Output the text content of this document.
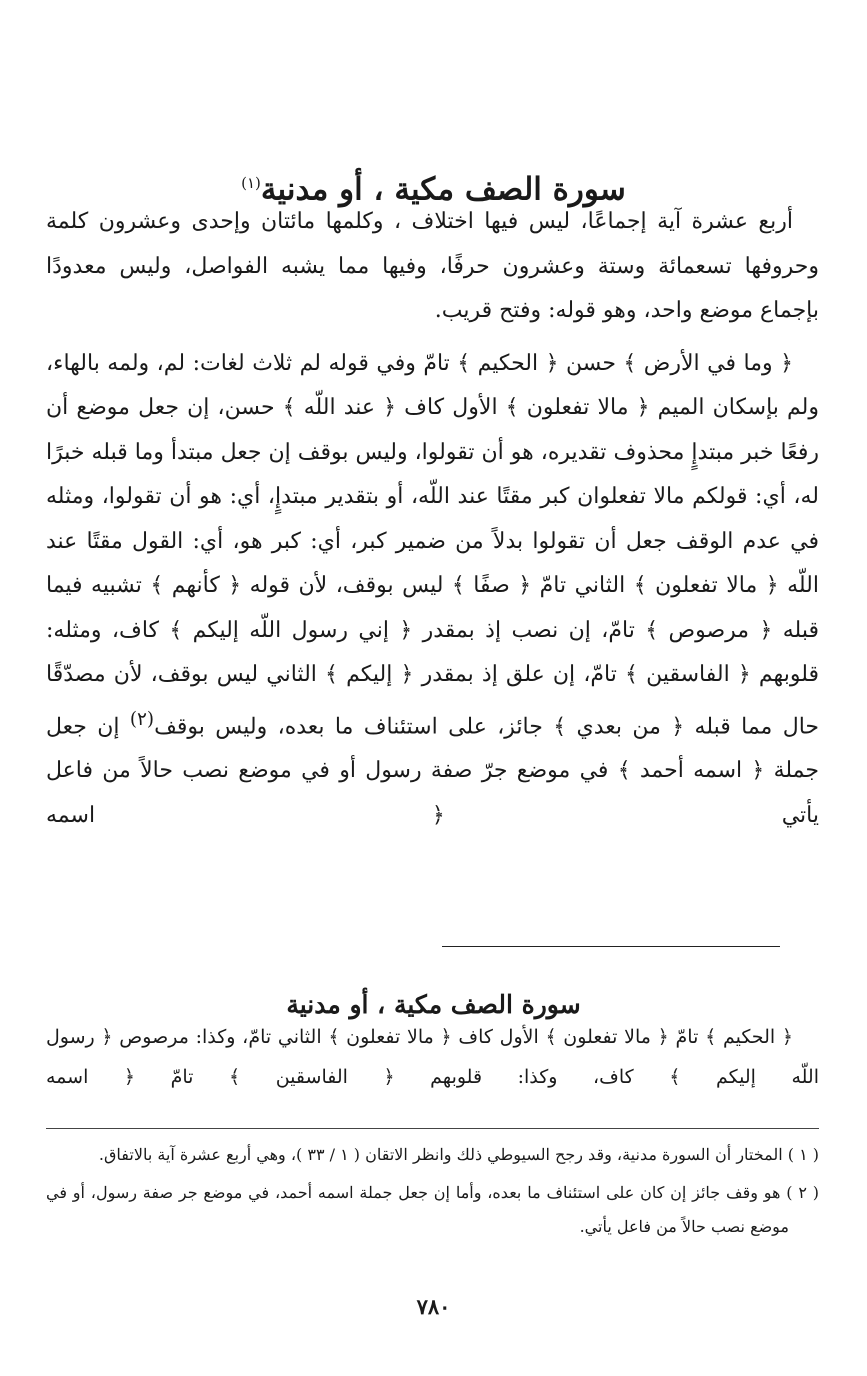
سورة الصف مكية ، أو مدنية$^{(١)}$

أربع عشرة آية إجماعًا، ليس فيها اختلاف ، وكلمها مائتان وإحدى وعشرون كلمة وحروفها تسعمائة وستة وعشرون حرفًا، وفيها مما يشبه الفواصل، وليس معدودًا بإجماع موضع واحد، وهو قوله: وفتح قريب.

﴿ وما في الأرض ﴾ حسن ﴿ الحكيم ﴾ تامّ وفي قوله لم ثلاث لغات: لم، ولمه بالهاء، ولم بإسكان الميم ﴿ مالا تفعلون ﴾ الأول كاف ﴿ عند اللّه ﴾ حسن، إن جعل موضع أن رفعًا خبر مبتدإٍ محذوف تقديره، هو أن تقولوا، وليس بوقف إن جعل مبتدأ وما قبله خبرًا له، أي: قولكم مالا تفعلوان كبر مقتًا عند اللّه، أو بتقدير مبتدإٍ، أي: هو أن تقولوا، ومثله في عدم الوقف جعل أن تقولوا بدلاً من ضمير كبر، أي: كبر هو، أي: القول مقتًا عند اللّه ﴿ مالا تفعلون ﴾ الثاني تامّ ﴿ صفًا ﴾ ليس بوقف، لأن قوله ﴿ كأنهم ﴾ تشبيه فيما قبله ﴿ مرصوص ﴾ تامّ، إن نصب إذ بمقدر ﴿ إني رسول اللّه إليكم ﴾ كاف، ومثله: قلوبهم ﴿ الفاسقين ﴾ تامّ، إن علق إذ بمقدر ﴿ إليكم ﴾ الثاني ليس بوقف، لأن مصدّقًا حال مما قبله ﴿ من بعدي ﴾ جائز، على استئناف ما بعده، وليس بوقف$^{(٢)}$ إن جعل جملة ﴿ اسمه أحمد ﴾ في موضع جرّ صفة رسول أو في موضع نصب حالاً من فاعل يأتي ﴿ اسمه

سورة الصف مكية ، أو مدنية

﴿ الحكيم ﴾ تامّ ﴿ مالا تفعلون ﴾ الأول كاف ﴿ مالا تفعلون ﴾ الثاني تامّ، وكذا: مرصوص ﴿ رسول اللّه إليكم ﴾ كاف، وكذا: قلوبهم ﴿ الفاسقين ﴾ تامّ ﴿ اسمه

( ١ ) المختار أن السورة مدنية، وقد رجح السيوطي ذلك وانظر الاتقان ( ١ / ٣٣ )، وهي أربع عشرة آية بالاتفاق.

( ٢ ) هو وقف جائز إن كان على استئناف ما بعده، وأما إن جعل جملة اسمه أحمد، في موضع جر صفة رسول، أو في موضع نصب حالاً من فاعل يأتي.

٧٨٠
